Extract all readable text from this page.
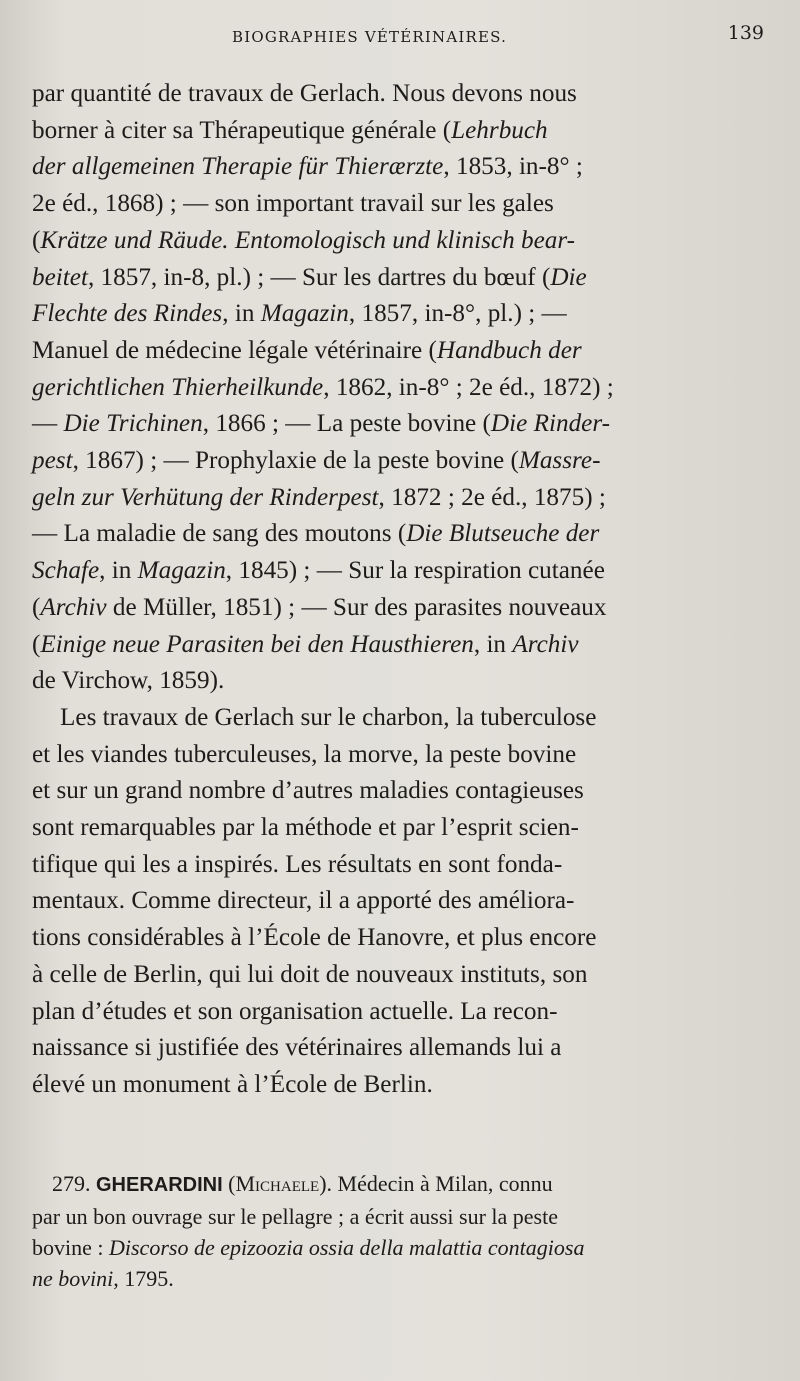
BIOGRAPHIES VÉTÉRINAIRES.	139
par quantité de travaux de Gerlach. Nous devons nous
borner à citer sa Thérapeutique générale (Lehrbuch
der allgemeinen Therapie für Thierærzte, 1853, in-8° ;
2e éd., 1868) ; — son important travail sur les gales
(Krätze und Räude. Entomologisch und klinisch bear-
beitet, 1857, in-8, pl.) ; — Sur les dartres du bœuf (Die
Flechte des Rindes, in Magazin, 1857, in-8°, pl.) ; —
Manuel de médecine légale vétérinaire (Handbuch der
gerichtlichen Thierheilkunde, 1862, in-8° ; 2e éd., 1872) ;
— Die Trichinen, 1866 ; — La peste bovine (Die Rinder-
pest, 1867) ; — Prophylaxie de la peste bovine (Massre-
geln zur Verhütung der Rinderpest, 1872 ; 2e éd., 1875) ;
— La maladie de sang des moutons (Die Blutseuche der
Schafe, in Magazin, 1845) ; — Sur la respiration cutanée
(Archiv de Müller, 1851) ; — Sur des parasites nouveaux
(Einige neue Parasiten bei den Hausthieren, in Archiv
de Virchow, 1859).
Les travaux de Gerlach sur le charbon, la tuberculose
et les viandes tuberculeuses, la morve, la peste bovine
et sur un grand nombre d’autres maladies contagieuses
sont remarquables par la méthode et par l’esprit scien-
tifique qui les a inspirés. Les résultats en sont fonda-
mentaux. Comme directeur, il a apporté des améliora-
tions considérables à l’École de Hanovre, et plus encore
à celle de Berlin, qui lui doit de nouveaux instituts, son
plan d’études et son organisation actuelle. La recon-
naissance si justifiée des vétérinaires allemands lui a
élevé un monument à l’École de Berlin.
279. GHERARDINI (Michaele). Médecin à Milan, connu
par un bon ouvrage sur le pellagre ; a écrit aussi sur la peste
bovine : Discorso de epizoozia ossia della malattia contagiosa
ne bovini, 1795.
